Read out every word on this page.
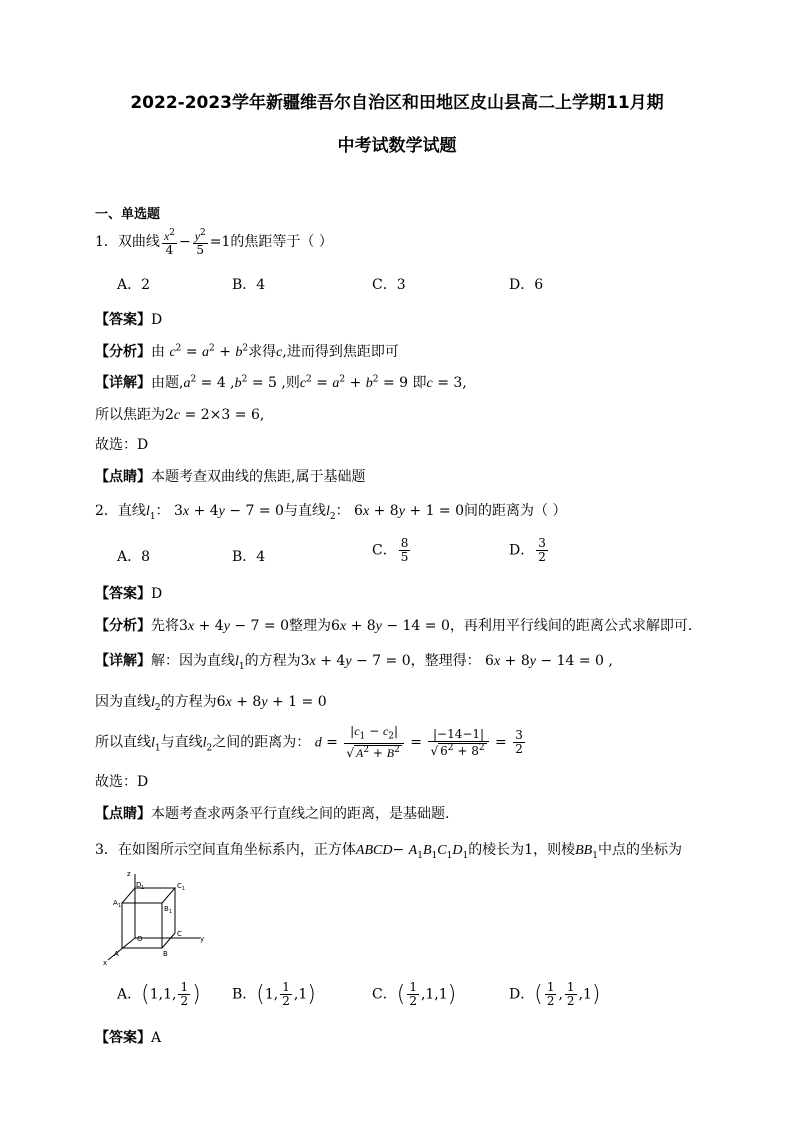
2022-2023学年新疆维吾尔自治区和田地区皮山县高二上学期11月期
中考试数学试题
一、单选题
1．双曲线 $\frac{x^2}{4} - \frac{y^2}{5} =1$的焦距等于（ ）
A．2	B．4	C．3	D．6
【答案】D
【分析】由 $c^2 = a^2 + b^2$求得c,进而得到焦距即可
【详解】由题$,a^2 = 4$ $,b^2 = 5$ ,则$c^2 = a^2 + b^2 = 9$ 即c = 3,
所以焦距为2c = 2×3 = 6,
故选：D
【点睛】本题考查双曲线的焦距,属于基础题
2．直线$l_1$： 3x + 4y − 7 = 0与直线$l_2$： 6x + 8y + 1 = 0间的距离为（ ）
A．8	B．4	C． $\frac{8}{5}$	D． $\frac{3}{2}$
【答案】D
【分析】先将3x + 4y − 7 = 0整理为6x + 8y − 14 = 0，再利用平行线间的距离公式求解即可.
【详解】解：因为直线$l_1$的方程为3x + 4y − 7 = 0，整理得： 6x + 8y − 14 = 0 ,
因为直线$l_2$的方程为6x + 8y + 1 = 0
所以直线$l_1$与直线$l_2$之间的距离为： $d = \frac{|c_1 - c_2|}{√ A^2 + B^2} = \frac{|-14-1|}{√ 6^2 + 8^2} = \frac{3}{2}$
故选：D
【点睛】本题考查求两条平行直线之间的距离，是基础题.
3．在如图所示空间直角坐标系内，正方体ABCD− $A_1B_1C_1D_1$的棱长为1，则棱$BB_1$中点的坐标为
z
D 1	C 1
A 1	B 1
O
C
y
A	B
x
A．(1,1, $\frac{1}{2}$ ) B．(1, $\frac{1}{2} ,1$)	C．( $\frac{1}{2} ,1,1$)	D．( $\frac{1}{2}$ , $\frac{1}{2} ,1$)
【答案】A
